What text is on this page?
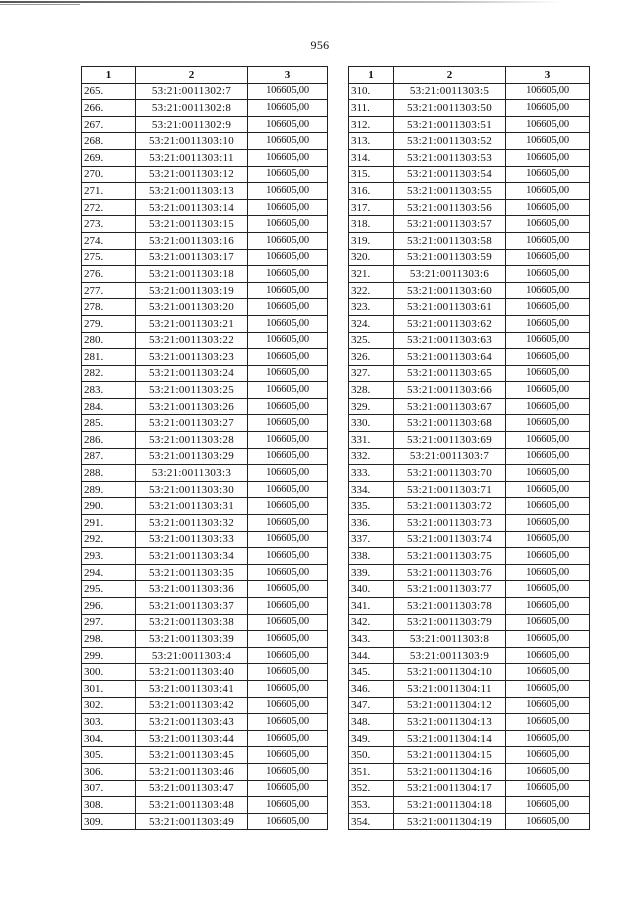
956
1	2	3
265.	53:21:0011302:7	106605,00
266.	53:21:0011302:8	106605,00
267.	53:21:0011302:9	106605,00
268.	53:21:0011303:10	106605,00
269.	53:21:0011303:11	106605,00
270.	53:21:0011303:12	106605,00
271.	53:21:0011303:13	106605,00
272.	53:21:0011303:14	106605,00
273.	53:21:0011303:15	106605,00
274.	53:21:0011303:16	106605,00
275.	53:21:0011303:17	106605,00
276.	53:21:0011303:18	106605,00
277.	53:21:0011303:19	106605,00
278.	53:21:0011303:20	106605,00
279.	53:21:0011303:21	106605,00
280.	53:21:0011303:22	106605,00
281.	53:21:0011303:23	106605,00
282.	53:21:0011303:24	106605,00
283.	53:21:0011303:25	106605,00
284.	53:21:0011303:26	106605,00
285.	53:21:0011303:27	106605,00
286.	53:21:0011303:28	106605,00
287.	53:21:0011303:29	106605,00
288.	53:21:0011303:3	106605,00
289.	53:21:0011303:30	106605,00
290.	53:21:0011303:31	106605,00
291.	53:21:0011303:32	106605,00
292.	53:21:0011303:33	106605,00
293.	53:21:0011303:34	106605,00
294.	53:21:0011303:35	106605,00
295.	53:21:0011303:36	106605,00
296.	53:21:0011303:37	106605,00
297.	53:21:0011303:38	106605,00
298.	53:21:0011303:39	106605,00
299.	53:21:0011303:4	106605,00
300.	53:21:0011303:40	106605,00
301.	53:21:0011303:41	106605,00
302.	53:21:0011303:42	106605,00
303.	53:21:0011303:43	106605,00
304.	53:21:0011303:44	106605,00
305.	53:21:0011303:45	106605,00
306.	53:21:0011303:46	106605,00
307.	53:21:0011303:47	106605,00
308.	53:21:0011303:48	106605,00
309.	53:21:0011303:49	106605,00
1	2	3
310.	53:21:0011303:5	106605,00
311.	53:21:0011303:50	106605,00
312.	53:21:0011303:51	106605,00
313.	53:21:0011303:52	106605,00
314.	53:21:0011303:53	106605,00
315.	53:21:0011303:54	106605,00
316.	53:21:0011303:55	106605,00
317.	53:21:0011303:56	106605,00
318.	53:21:0011303:57	106605,00
319.	53:21:0011303:58	106605,00
320.	53:21:0011303:59	106605,00
321.	53:21:0011303:6	106605,00
322.	53:21:0011303:60	106605,00
323.	53:21:0011303:61	106605,00
324.	53:21:0011303:62	106605,00
325.	53:21:0011303:63	106605,00
326.	53:21:0011303:64	106605,00
327.	53:21:0011303:65	106605,00
328.	53:21:0011303:66	106605,00
329.	53:21:0011303:67	106605,00
330.	53:21:0011303:68	106605,00
331.	53:21:0011303:69	106605,00
332.	53:21:0011303:7	106605,00
333.	53:21:0011303:70	106605,00
334.	53:21:0011303:71	106605,00
335.	53:21:0011303:72	106605,00
336.	53:21:0011303:73	106605,00
337.	53:21:0011303:74	106605,00
338.	53:21:0011303:75	106605,00
339.	53:21:0011303:76	106605,00
340.	53:21:0011303:77	106605,00
341.	53:21:0011303:78	106605,00
342.	53:21:0011303:79	106605,00
343.	53:21:0011303:8	106605,00
344.	53:21:0011303:9	106605,00
345.	53:21:0011304:10	106605,00
346.	53:21:0011304:11	106605,00
347.	53:21:0011304:12	106605,00
348.	53:21:0011304:13	106605,00
349.	53:21:0011304:14	106605,00
350.	53:21:0011304:15	106605,00
351.	53:21:0011304:16	106605,00
352.	53:21:0011304:17	106605,00
353.	53:21:0011304:18	106605,00
354.	53:21:0011304:19	106605,00
